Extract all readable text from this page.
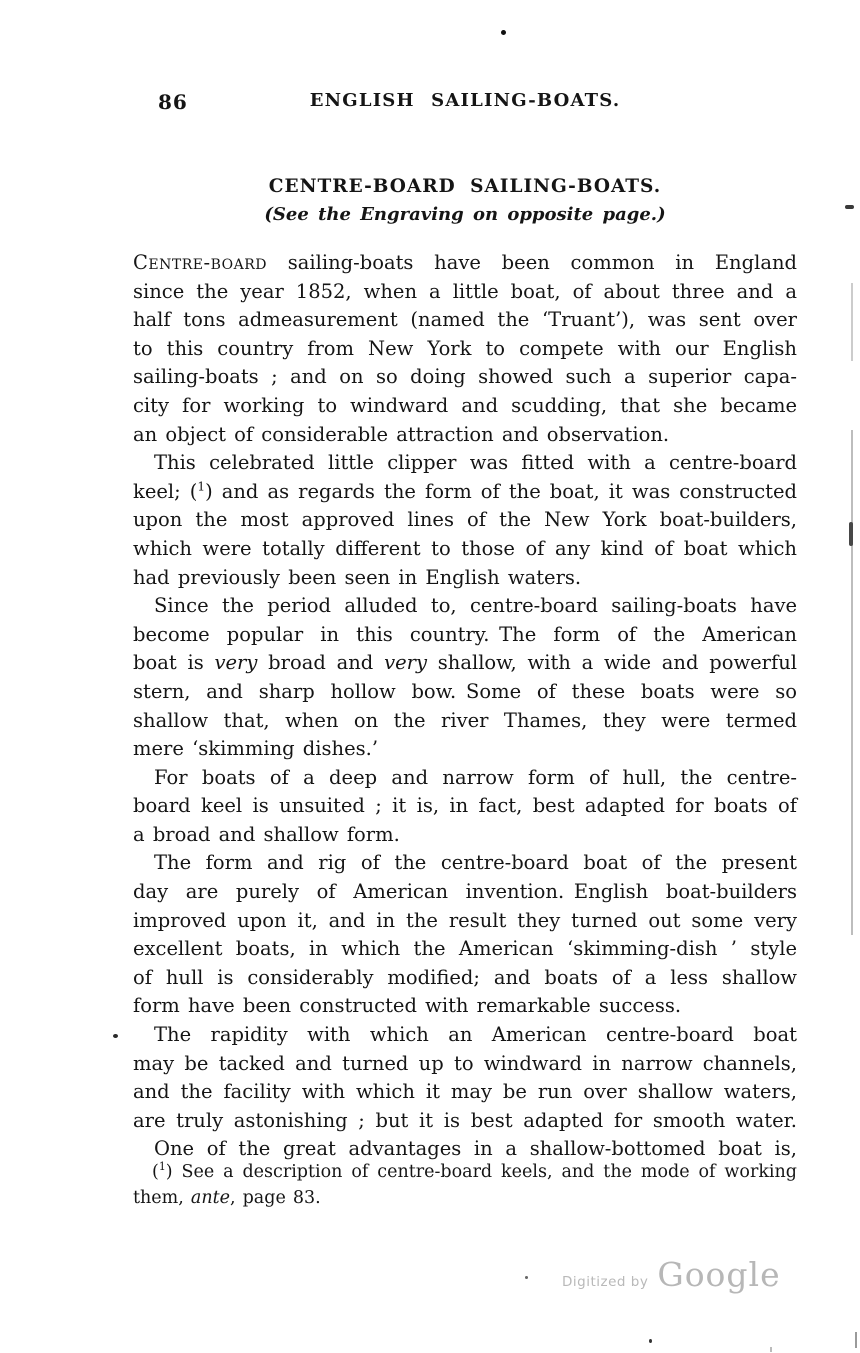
86	ENGLISH SAILING-BOATS.
CENTRE-BOARD SAILING-BOATS.
(See the Engraving on opposite page.)
Centre-board sailing-boats have been common in England
since the year 1852, when a little boat, of about three and a
half tons admeasurement (named the ‘Truant’), was sent over
to this country from New York to compete with our English
sailing-boats ; and on so doing showed such a superior capa-
city for working to windward and scudding, that she became
an object of considerable attraction and observation.
This celebrated little clipper was fitted with a centre-board
keel; ($^1$) and as regards the form of the boat, it was constructed
upon the most approved lines of the New York boat-builders,
which were totally different to those of any kind of boat which
had previously been seen in English waters.
Since the period alluded to, centre-board sailing-boats have
become popular in this country. The form of the American
boat is very broad and very shallow, with a wide and powerful
stern, and sharp hollow bow. Some of these boats were so
shallow that, when on the river Thames, they were termed
mere ‘skimming dishes.’
For boats of a deep and narrow form of hull, the centre-
board keel is unsuited ; it is, in fact, best adapted for boats of
a broad and shallow form.
The form and rig of the centre-board boat of the present
day are purely of American invention. English boat-builders
improved upon it, and in the result they turned out some very
excellent boats, in which the American ‘skimming-dish ’ style
of hull is considerably modified; and boats of a less shallow
form have been constructed with remarkable success.
The rapidity with which an American centre-board boat
may be tacked and turned up to windward in narrow channels,
and the facility with which it may be run over shallow waters,
are truly astonishing ; but it is best adapted for smooth water.
One of the great advantages in a shallow-bottomed boat is,
($^1$) See a description of centre-board keels, and the mode of working
them, ante, page 83.
Digitized by Google
